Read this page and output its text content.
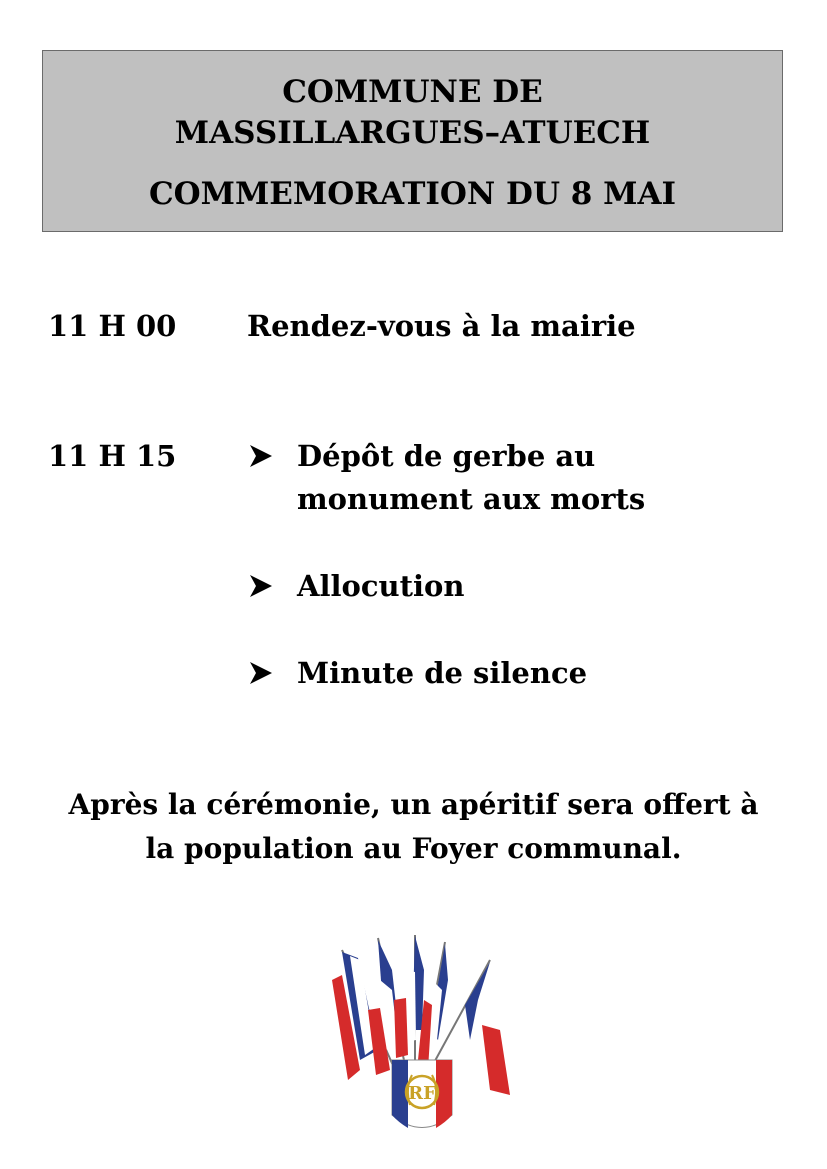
COMMUNE DE
MASSILLARGUES–ATUECH
COMMEMORATION DU 8 MAI
11 H 00 Rendez-vous à la mairie
11 H 15	Dépôt de gerbe au
monument aux morts
Allocution
Minute de silence
Après la cérémonie, un apéritif sera offert à
la population au Foyer communal.
RF
